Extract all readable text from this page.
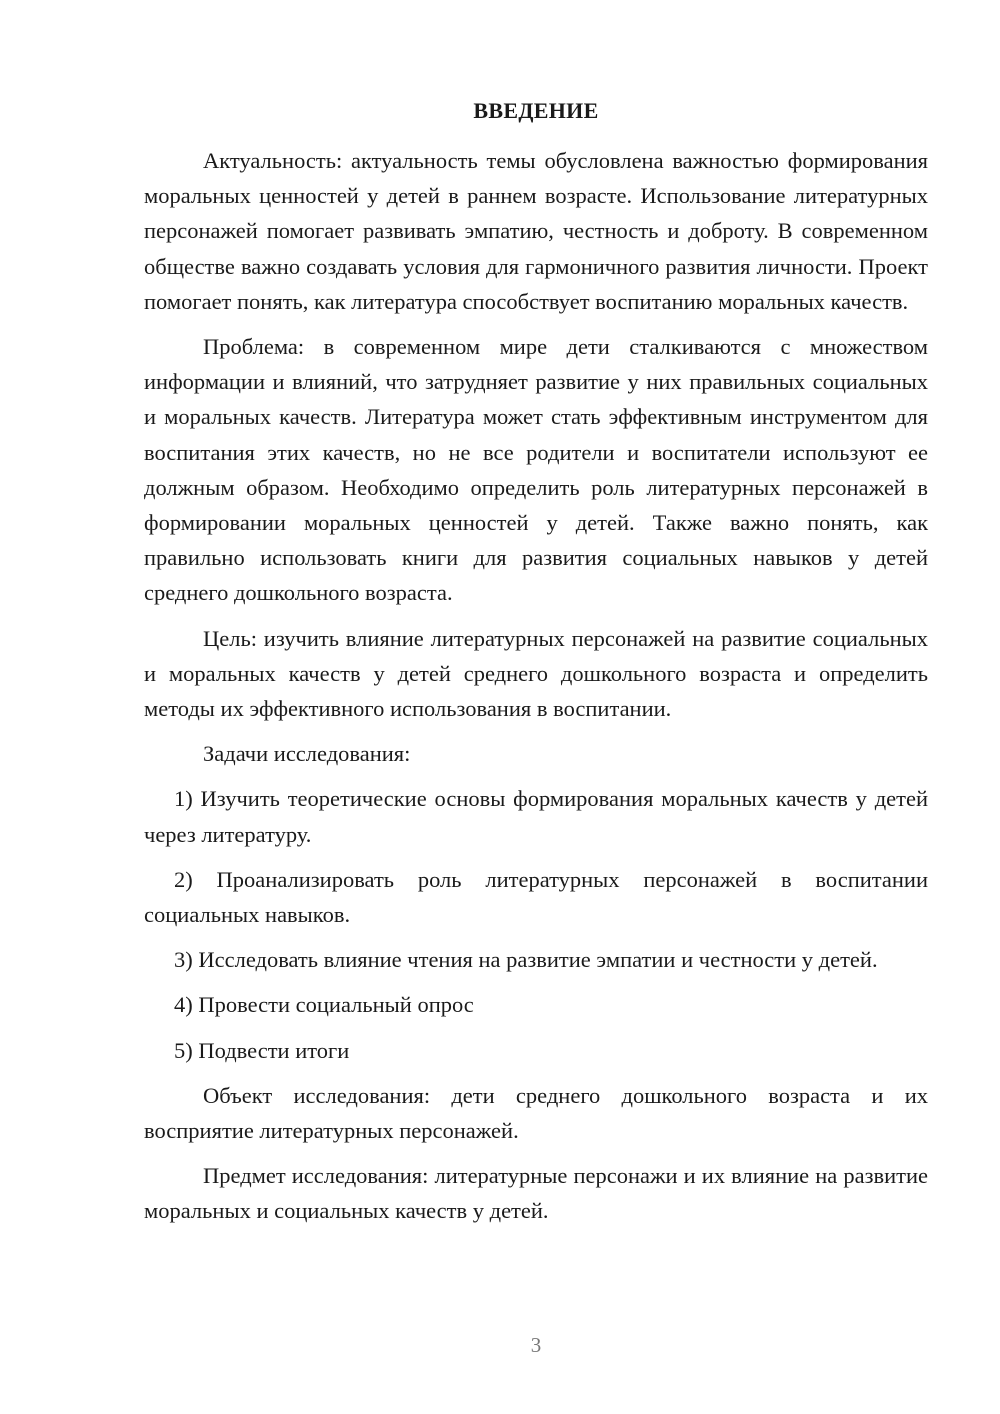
ВВЕДЕНИЕ

Актуальность: актуальность темы обусловлена важностью формирования моральных ценностей у детей в раннем возрасте. Использование литературных персонажей помогает развивать эмпатию, честность и доброту. В современном обществе важно создавать условия для гармоничного развития личности. Проект помогает понять, как литература способствует воспитанию моральных качеств.

Проблема: в современном мире дети сталкиваются с множеством информации и влияний, что затрудняет развитие у них правильных социальных и моральных качеств. Литература может стать эффективным инструментом для воспитания этих качеств, но не все родители и воспитатели используют ее должным образом. Необходимо определить роль литературных персонажей в формировании моральных ценностей у детей. Также важно понять, как правильно использовать книги для развития социальных навыков у детей среднего дошкольного возраста.

Цель: изучить влияние литературных персонажей на развитие социальных и моральных качеств у детей среднего дошкольного возраста и определить методы их эффективного использования в воспитании.

Задачи исследования:

1) Изучить теоретические основы формирования моральных качеств у детей через литературу.

2) Проанализировать роль литературных персонажей в воспитании социальных навыков.

3) Исследовать влияние чтения на развитие эмпатии и честности у детей.

4) Провести социальный опрос

5) Подвести итоги

Объект исследования: дети среднего дошкольного возраста и их восприятие литературных персонажей.

Предмет исследования: литературные персонажи и их влияние на развитие моральных и социальных качеств у детей.

3
